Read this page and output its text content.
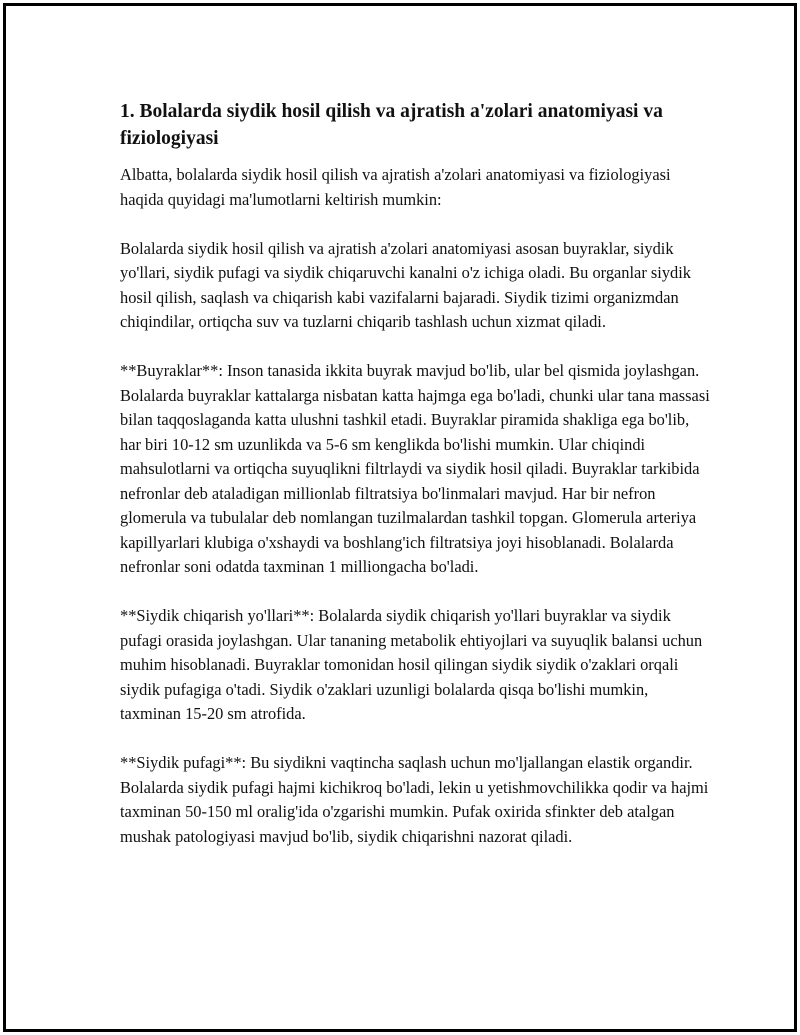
1. Bolalarda siydik hosil qilish va ajratish a'zolari anatomiyasi va fiziologiyasi

Albatta, bolalarda siydik hosil qilish va ajratish a'zolari anatomiyasi va fiziologiyasi haqida quyidagi ma'lumotlarni keltirish mumkin:

Bolalarda siydik hosil qilish va ajratish a'zolari anatomiyasi asosan buyraklar, siydik yo'llari, siydik pufagi va siydik chiqaruvchi kanalni o'z ichiga oladi. Bu organlar siydik hosil qilish, saqlash va chiqarish kabi vazifalarni bajaradi. Siydik tizimi organizmdan chiqindilar, ortiqcha suv va tuzlarni chiqarib tashlash uchun xizmat qiladi.

**Buyraklar**: Inson tanasida ikkita buyrak mavjud bo'lib, ular bel qismida joylashgan. Bolalarda buyraklar kattalarga nisbatan katta hajmga ega bo'ladi, chunki ular tana massasi bilan taqqoslaganda katta ulushni tashkil etadi. Buyraklar piramida shakliga ega bo'lib, har biri 10-12 sm uzunlikda va 5-6 sm kenglikda bo'lishi mumkin. Ular chiqindi mahsulotlarni va ortiqcha suyuqlikni filtrlaydi va siydik hosil qiladi. Buyraklar tarkibida nefronlar deb ataladigan millionlab filtratsiya bo'linmalari mavjud. Har bir nefron glomerula va tubulalar deb nomlangan tuzilmalardan tashkil topgan. Glomerula arteriya kapillyarlari klubiga o'xshaydi va boshlang'ich filtratsiya joyi hisoblanadi. Bolalarda nefronlar soni odatda taxminan 1 milliongacha bo'ladi.

**Siydik chiqarish yo'llari**: Bolalarda siydik chiqarish yo'llari buyraklar va siydik pufagi orasida joylashgan. Ular tananing metabolik ehtiyojlari va suyuqlik balansi uchun muhim hisoblanadi. Buyraklar tomonidan hosil qilingan siydik siydik o'zaklari orqali siydik pufagiga o'tadi. Siydik o'zaklari uzunligi bolalarda qisqa bo'lishi mumkin, taxminan 15-20 sm atrofida.

**Siydik pufagi**: Bu siydikni vaqtincha saqlash uchun mo'ljallangan elastik organdir. Bolalarda siydik pufagi hajmi kichikroq bo'ladi, lekin u yetishmovchilikka qodir va hajmi taxminan 50-150 ml oralig'ida o'zgarishi mumkin. Pufak oxirida sfinkter deb atalgan mushak patologiyasi mavjud bo'lib, siydik chiqarishni nazorat qiladi.
